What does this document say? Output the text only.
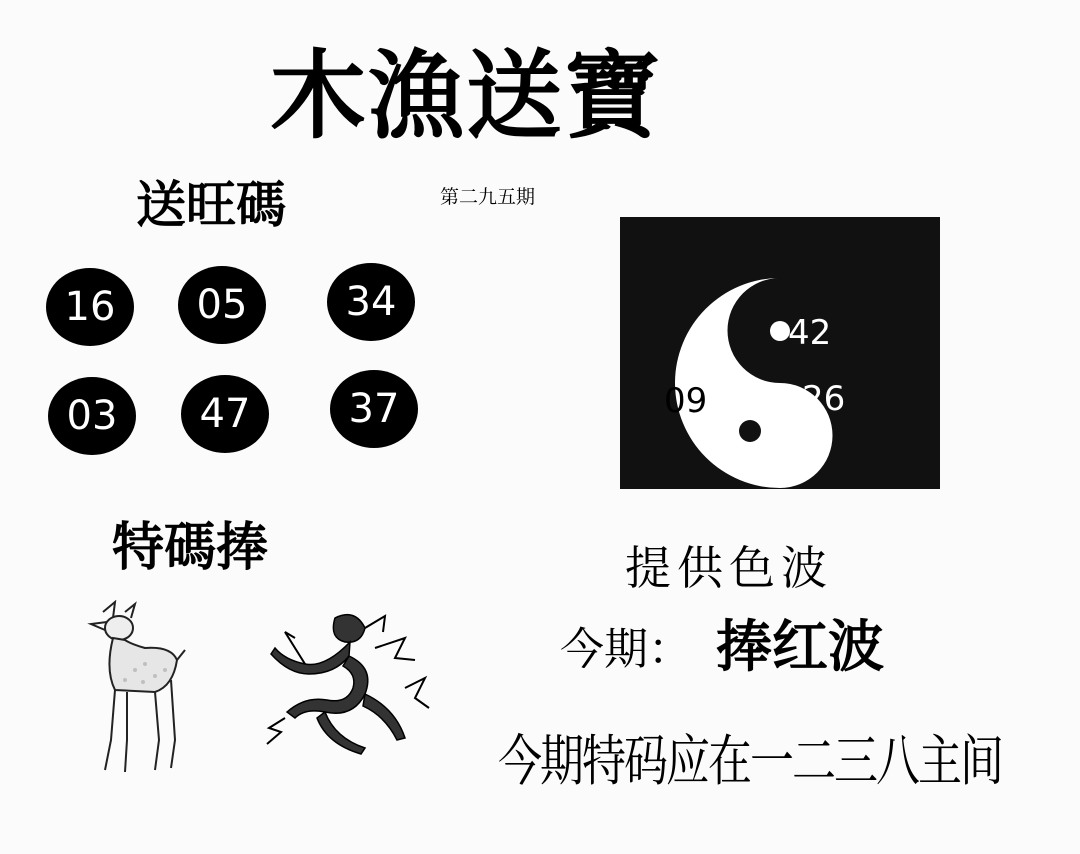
木漁送寶
第二九五期
送旺碼
16	05	34
03	47	37
特碼捧
42
09	26
提供色波
今期： 捧红波
今期特码应在一二三八主间
